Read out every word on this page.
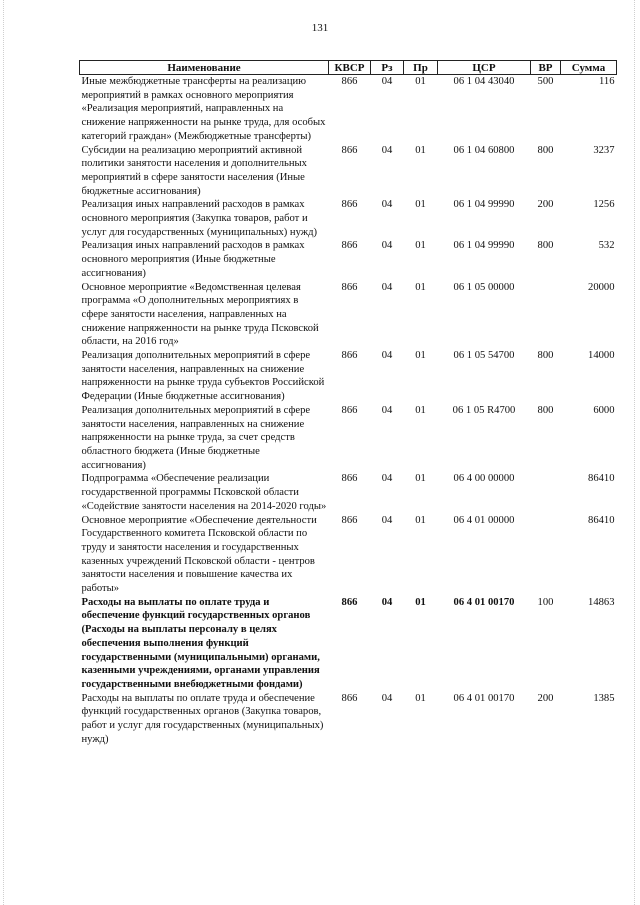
131
Наименование	КВСР	Рз	Пр	ЦСР	ВР	Сумма
Иные межбюджетные трансферты на реализацию мероприятий в рамках основного мероприятия «Реализация мероприятий, направленных на снижение напряженности на рынке труда, для особых категорий граждан» (Межбюджетные трансферты)	866	04	01	06 1 04 43040	500	116
Субсидии на реализацию мероприятий активной политики занятости населения и дополнительных мероприятий в сфере занятости населения (Иные бюджетные ассигнования)	866	04	01	06 1 04 60800	800	3237
Реализация иных направлений расходов в рамках основного мероприятия (Закупка товаров, работ и услуг для государственных (муниципальных) нужд)	866	04	01	06 1 04 99990	200	1256
Реализация иных направлений расходов в рамках основного мероприятия (Иные бюджетные ассигнования)	866	04	01	06 1 04 99990	800	532
Основное мероприятие «Ведомственная целевая программа «О дополнительных мероприятиях в сфере занятости населения, направленных на снижение напряженности на рынке труда Псковской области, на 2016 год»	866	04	01	06 1 05 00000		20000
Реализация дополнительных мероприятий в сфере занятости населения, направленных на снижение напряженности на рынке труда субъектов Российской Федерации (Иные бюджетные ассигнования)	866	04	01	06 1 05 54700	800	14000
Реализация дополнительных мероприятий в сфере занятости населения, направленных на снижение напряженности на рынке труда, за счет средств областного бюджета (Иные бюджетные ассигнования)	866	04	01	06 1 05 R4700	800	6000
Подпрограмма «Обеспечение реализации государственной программы Псковской области «Содействие занятости населения на 2014-2020 годы»	866	04	01	06 4 00 00000		86410
Основное мероприятие «Обеспечение деятельности Государственного комитета Псковской области по труду и занятости населения и государственных казенных учреждений Псковской области - центров занятости населения и повышение качества их работы»	866	04	01	06 4 01 00000		86410
Расходы на выплаты по оплате труда и обеспечение функций государственных органов (Расходы на выплаты персоналу в целях обеспечения выполнения функций государственными (муниципальными) органами, казенными учреждениями, органами управления государственными внебюджетными фондами)	866	04	01	06 4 01 00170	100	14863
Расходы на выплаты по оплате труда и обеспечение функций государственных органов (Закупка товаров, работ и услуг для государственных (муниципальных) нужд)	866	04	01	06 4 01 00170	200	1385
